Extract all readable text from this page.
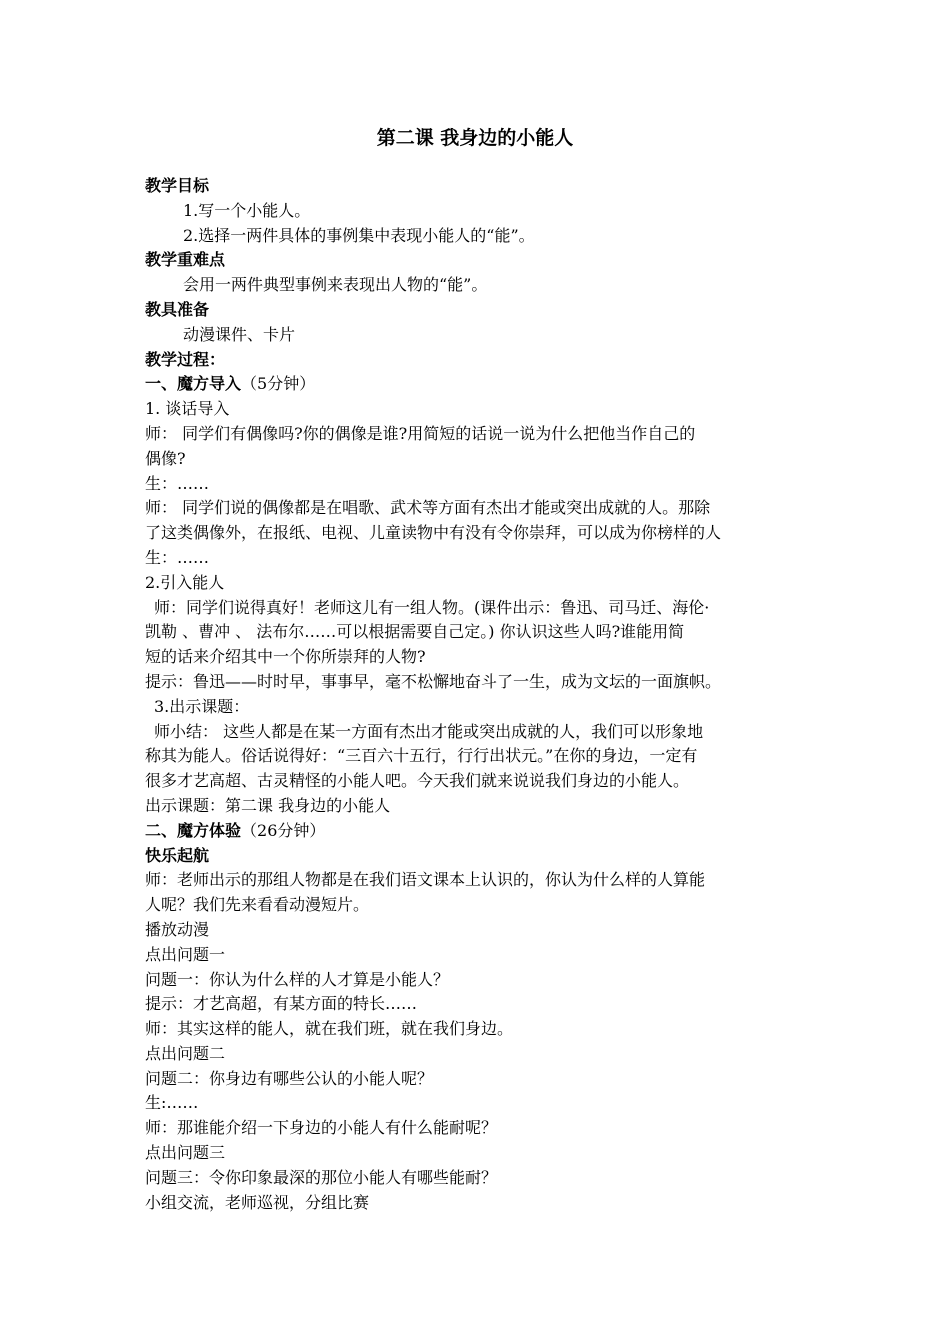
第二课 我身边的小能人

教学目标

1.写一个小能人。

2.选择一两件具体的事例集中表现小能人的“能”。

教学重难点

会用一两件典型事例来表现出人物的“能”。

教具准备

动漫课件、卡片

教学过程：

一、魔方导入（5分钟）

1. 谈话导入

师： 同学们有偶像吗?你的偶像是谁?用简短的话说一说为什么把他当作自己的

偶像?

生：……

师： 同学们说的偶像都是在唱歌、武术等方面有杰出才能或突出成就的人。那除

了这类偶像外，在报纸、电视、儿童读物中有没有令你崇拜，可以成为你榜样的人

生：……

2.引入能人

师：同学们说得真好！老师这儿有一组人物。(课件出示：鲁迅、司马迁、海伦·

凯勒 、曹冲 、 法布尔……可以根据需要自己定。) 你认识这些人吗?谁能用简

短的话来介绍其中一个你所崇拜的人物?

提示：鲁迅——时时早，事事早，毫不松懈地奋斗了一生，成为文坛的一面旗帜。

3.出示课题：

师小结： 这些人都是在某一方面有杰出才能或突出成就的人，我们可以形象地

称其为能人。俗话说得好：“三百六十五行，行行出状元。”在你的身边，一定有

很多才艺高超、古灵精怪的小能人吧。今天我们就来说说我们身边的小能人。

出示课题：第二课 我身边的小能人

二、魔方体验（26分钟）

快乐起航

师：老师出示的那组人物都是在我们语文课本上认识的，你认为什么样的人算能

人呢？我们先来看看动漫短片。

播放动漫

点出问题一

问题一：你认为什么样的人才算是小能人？

提示：才艺高超，有某方面的特长……

师：其实这样的能人，就在我们班，就在我们身边。

点出问题二

问题二：你身边有哪些公认的小能人呢？

生:……

师：那谁能介绍一下身边的小能人有什么能耐呢？

点出问题三

问题三：令你印象最深的那位小能人有哪些能耐？

小组交流，老师巡视，分组比赛
